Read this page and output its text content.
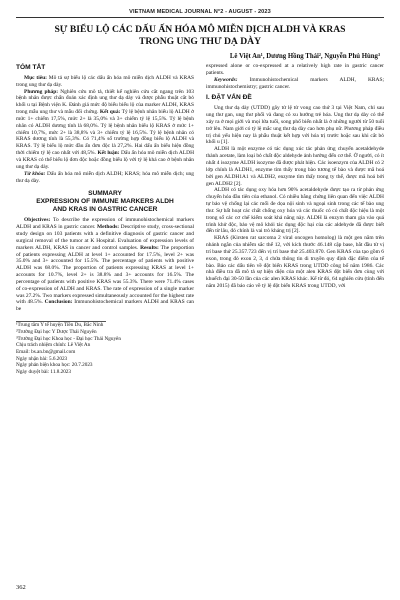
VIETNAM MEDICAL JOURNAL N°2 - AUGUST - 2023
SỰ BIỂU LỘ CÁC DẤU ẤN HÓA MÔ MIỄN DỊCH ALDH VÀ KRAS
TRONG UNG THƯ DẠ DÀY
Lê Việt An¹, Dương Hồng Thái², Nguyễn Phú Hùng³
TÓM TẮT

Mục tiêu: Mô tả sự biểu lộ các dấu ấn hóa mô miễn dịch ALDH và KRAS trong ung thư dạ dày.

Phương pháp: Nghiên cứu mô tả, thiết kế nghiên cứu cắt ngang trên 103 bệnh nhân được chẩn đoán xác định ung thư dạ dày và được phẫu thuật cắt bỏ khối u tại Bệnh viện K. Đánh giá mức độ biểu biểu lộ của marker ALDH, KRAS trong mẫu ung thư và mẫu đối chứng. Kết quả: Tỷ lệ bệnh nhân biểu lộ ALDH ở mức 1+ chiếm 17,5%, mức 2+ là 35,0% và 3+ chiếm tỷ lệ 15,5%. Tỷ lệ bệnh nhân có ALDH dương tính là 68,0%. Tỷ lệ bệnh nhân biểu lộ KRAS ở mức 1+ chiếm 10,7%, mức 2+ là 38,8% và 3+ chiếm tỷ lệ 16,5%. Tỷ lệ bệnh nhân có KRAS dương tính là 55,3%. Có 71,4% số trường hợp đồng biểu lộ ALDH và KRAS. Tỷ lệ biểu lộ mức đầu ấn đơn độc là 27,2%. Hai dấu ấn biểu hiện đồng thời chiếm tỷ lệ cao nhất với 48,5%. Kết luận: Dấu ấn hóa mô miễn dịch ALDH và KRAS có thể biểu lộ đơn độc hoặc đồng biểu lộ với tỷ lệ khá cao ở bệnh nhân ung thư dạ dày.

Từ khóa: Dấu ấn hóa mô miễn dịch ALDH; KRAS; hóa mô miễn dịch; ung thư dạ dày.

SUMMARY
EXPRESSION OF IMMUNE MARKERS ALDH
AND KRAS IN GASTRIC CANCER

Objectives: To describe the expression of immunohistochemical markers ALDH and KRAS in gastric cancer. Methods: Descriptive study, cross-sectional study design on 103 patients with a definitive diagnosis of gastric cancer and surgical removal of the tumor at K Hospital. Evaluation of expression levels of markers ALDH, KRAS in cancer and control samples. Results: The proportion of patients expressing ALDH at level 1+ accounted for 17.5%, level 2+ was 35.0% and 3+ accounted for 15.5%. The percentage of patients with positive ALDH was 68.0%. The proportion of patients expressing KRAS at level 1+ accounts for 10.7%, level 2+ is 38.8% and 3+ accounts for 16.5%. The percentage of patients with positive KRAS was 55.3%. There were 71.4% cases of co-expression of ALDH and KRAS. The rate of expression of a single marker was 27.2%. Two markers expressed simultaneously accounted for the highest rate with 48.5%. Conclusion: Immunohistochemical markers ALDH and KRAS can be

¹Trung tâm Y tế huyện Tiền Du, Bắc Ninh
²Trường Đại học Y Dược Thái Nguyên
³Trường Đại học Khoa học - Đại học Thái Nguyên
Chịu trách nhiệm chính: Lê Việt An
Email: bs.an.bn@gmail.com
Ngày nhận bài: 5.6.2023
Ngày phản biện khoa học: 20.7.2023
Ngày duyệt bài: 11.8.2023

expressed alone or co-expressed at a relatively high rate in gastric cancer patients.

Keywords: Immunohistochemical markers ALDH, KRAS; immunohistochemistry; gastric cancer.

I. ĐẶT VẤN ĐỀ

Ung thư dạ dày (UTDD) gây tử lệ tử vong cao thứ 3 tại Việt Nam, chỉ sau ung thư gan, ung thư phổi và đang có xu hướng trẻ hóa. Ung thư dạ dày có thể xảy ra ở mọi giới và mọi lứa tuổi, song phổ biến nhất là ở những người từ 50 tuổi trở lên. Nam giới có tỷ lệ mắc ung thư dạ dày cao hơn phụ nữ. Phương pháp điều trị chủ yếu hiện nay là phẫu thuật kết hợp với hóa trị trước hoặc sau khi cắt bỏ khối u [1].

ALDH là một enzyme có tác dụng xúc tác phản ứng chuyển acetaldehyde thành acetate, làm loại bỏ chất độc aldehyde ảnh hưởng đến cơ thể. Ở người, có ít nhất 4 isozyme ALDH isozyme đã được phát hiện. Các isoenzym của ALDH có 2 lớp chính là ALDH1, enzyme tìm thấy trong bào tương tế bào và được mã hoá bởi gen ALDH1A1 và ALDH2, enzyme tìm thấy trong ty thể, được mã hoá bởi gen ALDH2 [2].

ALDH có tác dụng oxy hóa hơn 90% acetaldehyde được tạo ra từ phản ứng chuyển hóa đầu tiên của ethanol. Có nhiều bằng chứng liên quan đến việc ALDH tự bảo vệ chống lại các mối đe dọa nội sinh và ngoại sinh trong các tế bào ung thư. Sự bất hoạt các chất chống oxy hóa và các thuốc có có chất độc hiệu là một trong số các cơ chế kiểm soát khả năng này. ALDH là enzym tham gia vào quá trình khử độc, bảo vệ mô khỏi tác dụng độc hại của các aldehyde đã được biết đến từ lâu, đó chính là vai trò kháng trị [2].

KRAS (Kirsten rat sarcoma 2 viral oncogen homolog) là một gen nằm trên nhánh ngắn của nhiễm sắc thể 12, với kích thước 46.148 cặp base, bắt đầu từ vị trí base thứ 25.357.723 đến vị trí base thứ 25.403.870. Gen KRAS của tạo gồm 6 exon, trong đó exon 2, 3, 4 chứa thông tin di truyền quy định đặc điểm của tế bào. Bảo các dấu tiên về đột biến KRAS trong UTDD công bố năm 1986. Các nhà điều tra đã mô tả sự hiện diện của một alen KRAS đột biến đơn cùng với khuếch đại 30-50 lần của các alen KRAS khác. Kể từ đó, 64 nghiên cứu (tính đến năm 2015) đã báo cáo về tỷ lệ đột biến KRAS trong UTDD, với

362
